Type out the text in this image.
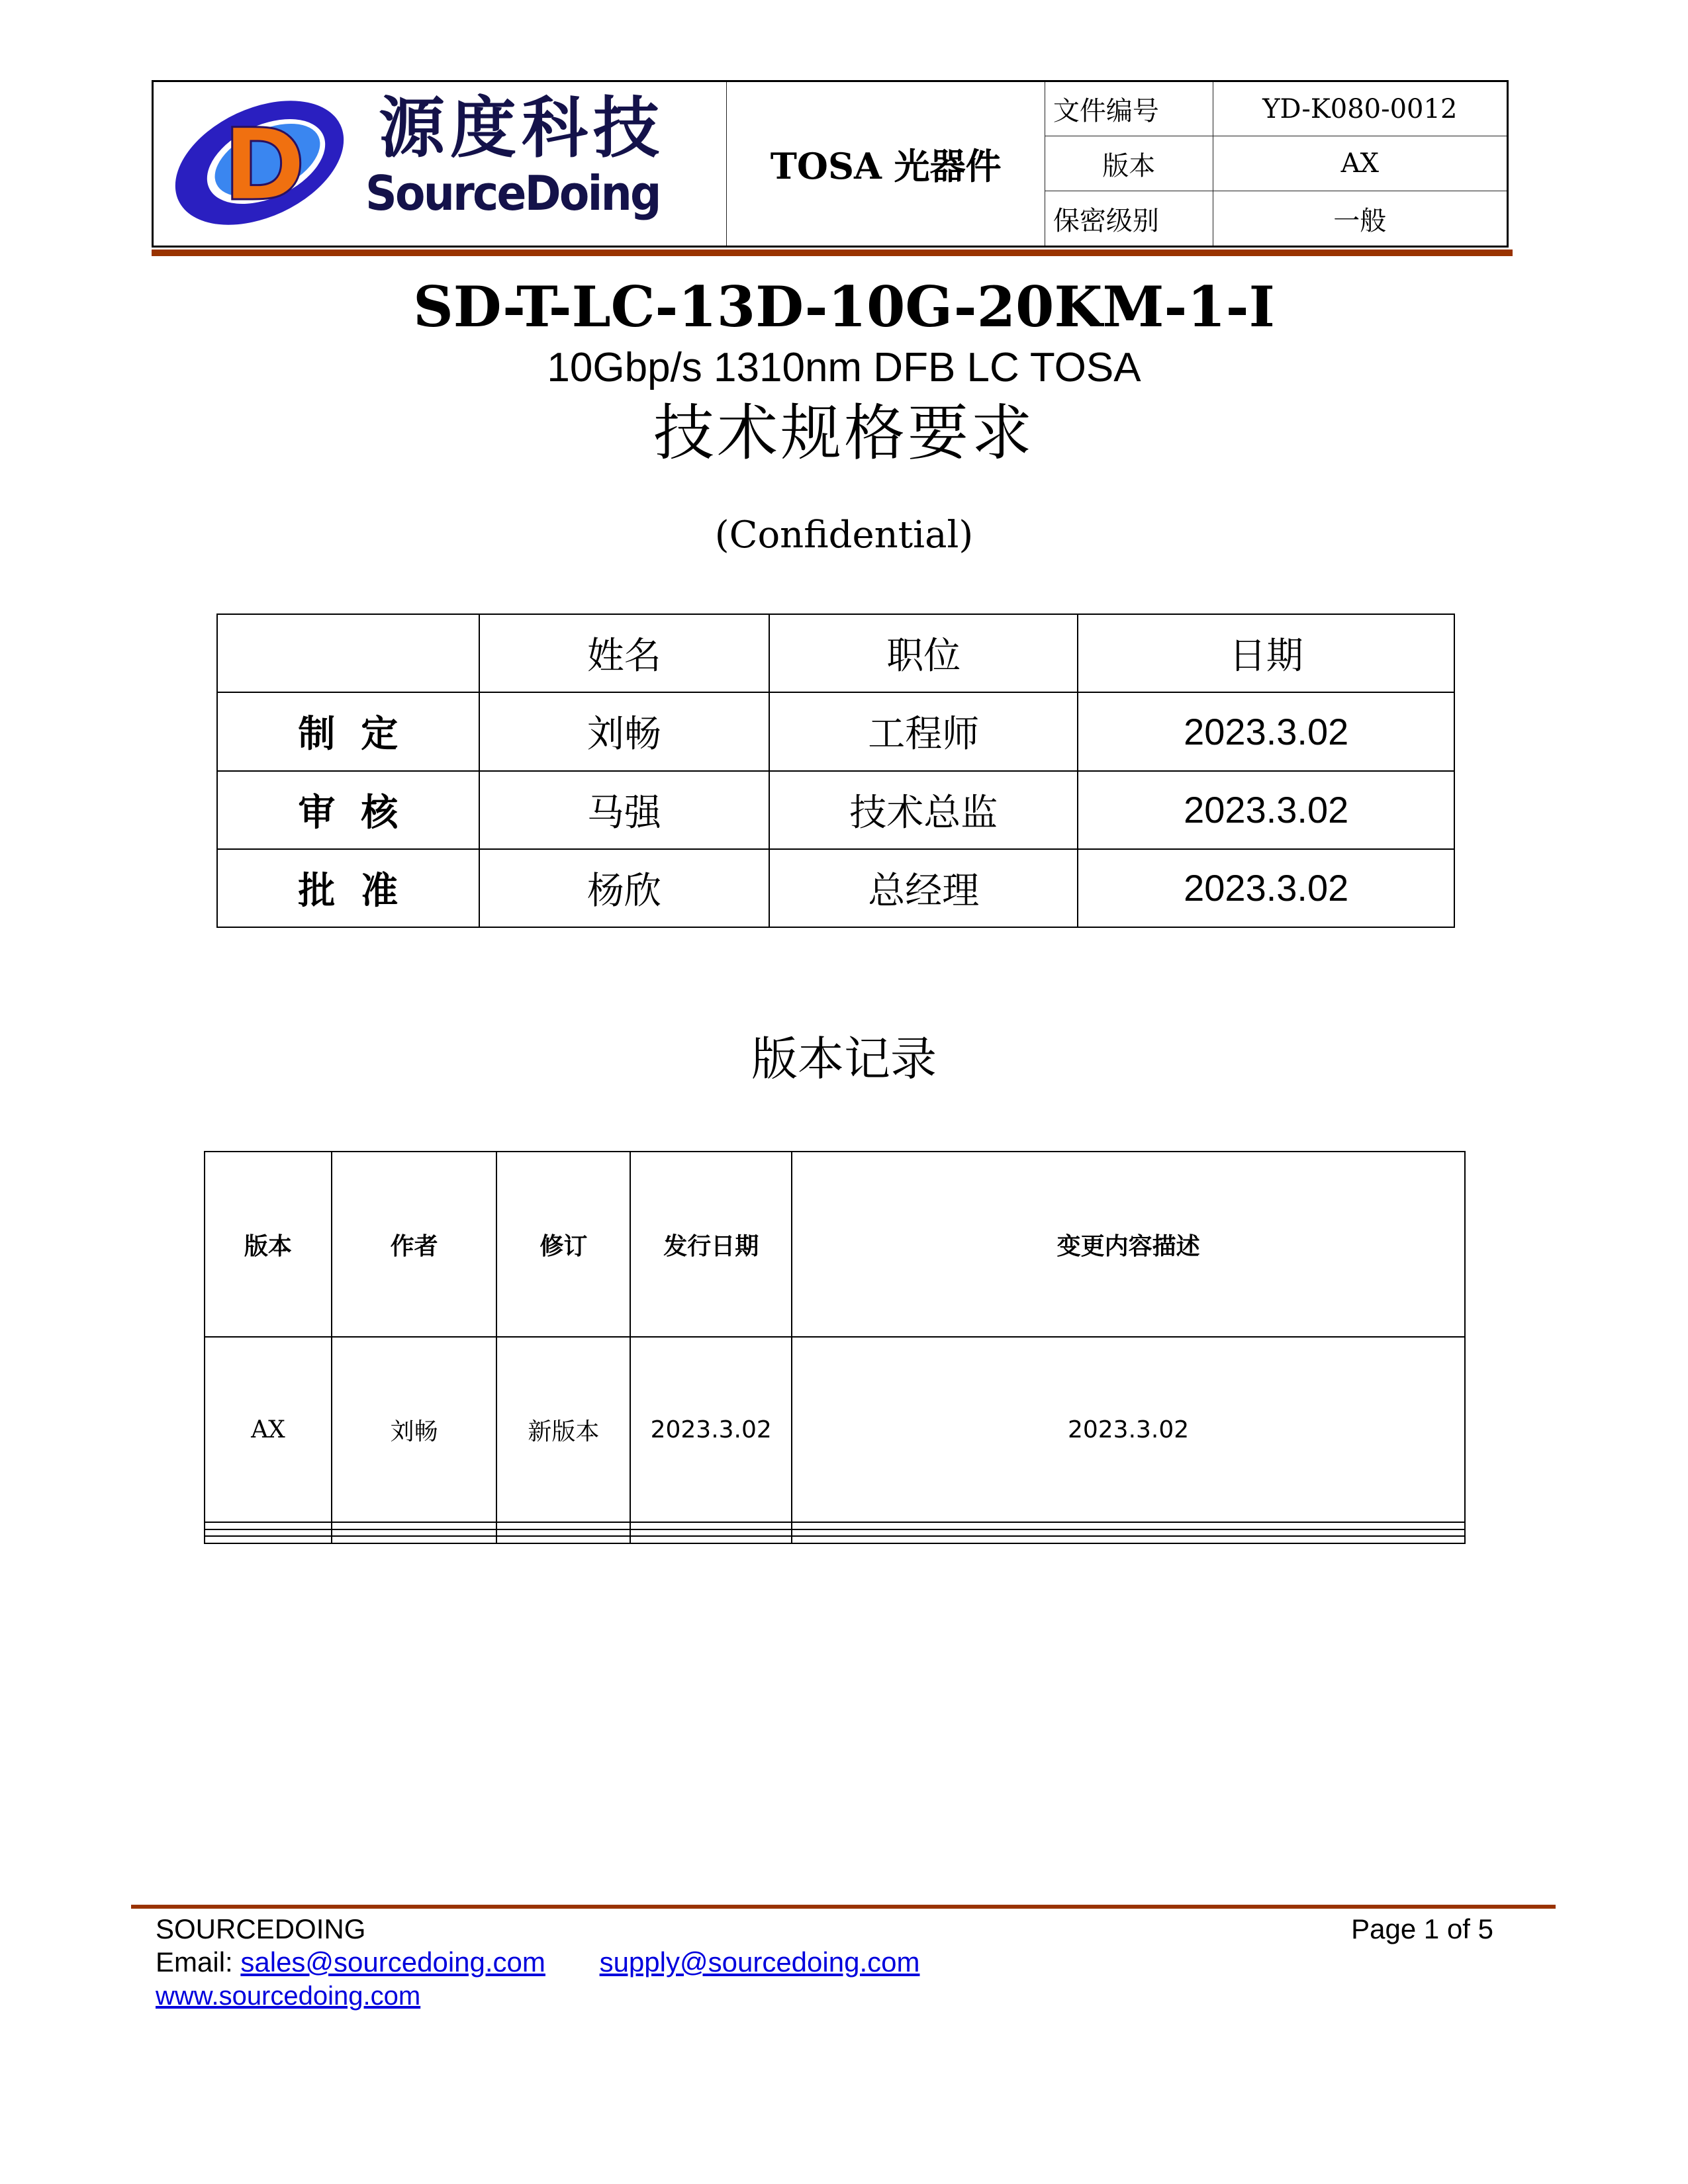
D 源度科技
SourceDoing	TOSA 光器件	文件编号	YD-K080-0012
		版本	AX
		保密级别	一般
SD-T-LC-13D-10G-20KM-1-I
10Gbp/s 1310nm DFB LC TOSA
技术规格要求
(Confidential)
	姓名	职位	日期
制  定	刘畅	工程师	2023.3.02
审  核	马强	技术总监	2023.3.02
批  准	杨欣	总经理	2023.3.02
版本记录
版本	作者	修订	发行日期	变更内容描述
AX	刘畅	新版本	2023.3.02	2023.3.02

SOURCEDOING	Page 1 of 5
Email: sales@sourcedoing.com supply@sourcedoing.com
www.sourcedoing.com
